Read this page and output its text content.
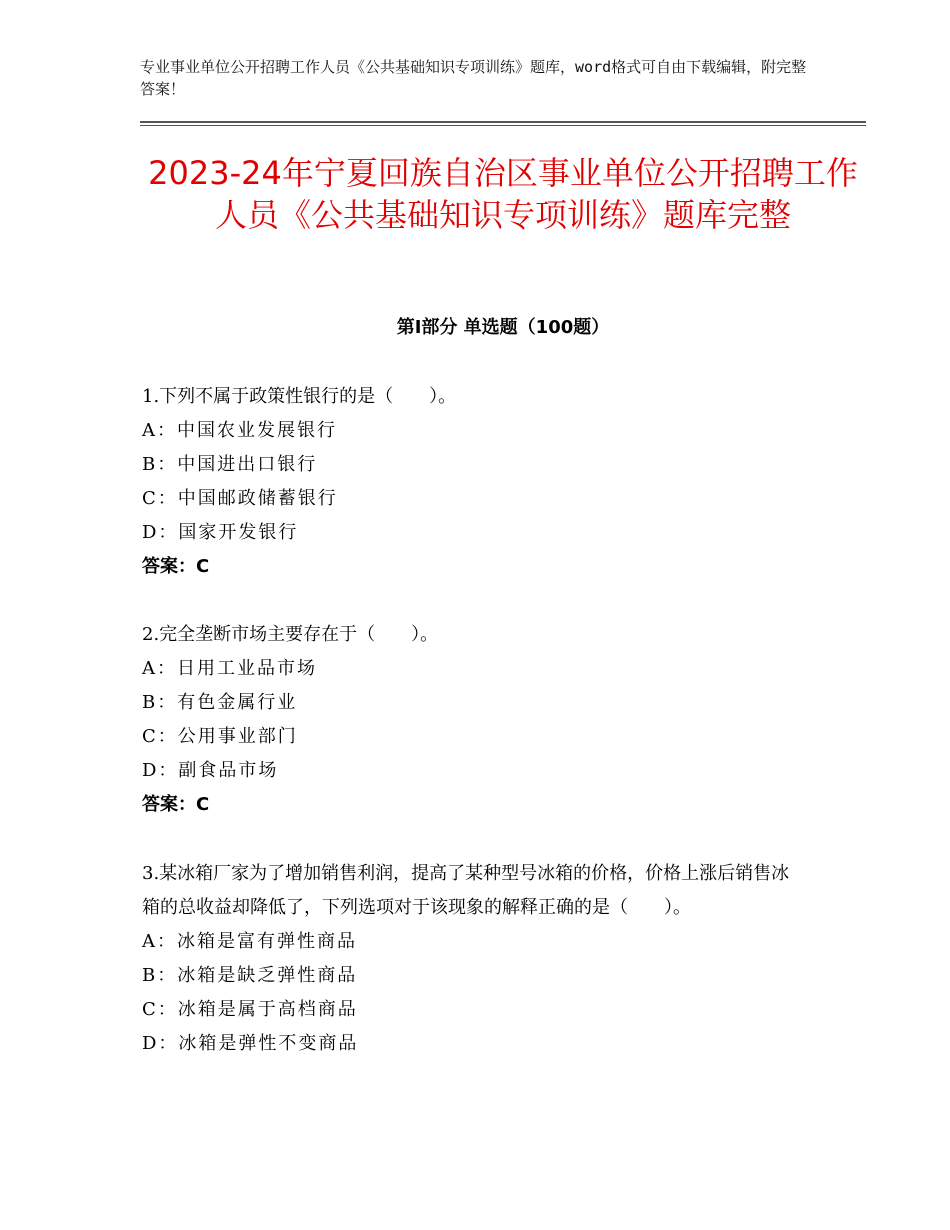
专业事业单位公开招聘工作人员《公共基础知识专项训练》题库，word格式可自由下载编辑，附完整答案！
2023-24年宁夏回族自治区事业单位公开招聘工作人员《公共基础知识专项训练》题库完整
第Ⅰ部分 单选题（100题）
1.下列不属于政策性银行的是（　　）。
A：中国农业发展银行
B：中国进出口银行
C：中国邮政储蓄银行
D：国家开发银行
答案：C
2.完全垄断市场主要存在于（　　）。
A：日用工业品市场
B：有色金属行业
C：公用事业部门
D：副食品市场
答案：C
3.某冰箱厂家为了增加销售利润，提高了某种型号冰箱的价格，价格上涨后销售冰箱的总收益却降低了，下列选项对于该现象的解释正确的是（　　）。
A：冰箱是富有弹性商品
B：冰箱是缺乏弹性商品
C：冰箱是属于高档商品
D：冰箱是弹性不变商品
